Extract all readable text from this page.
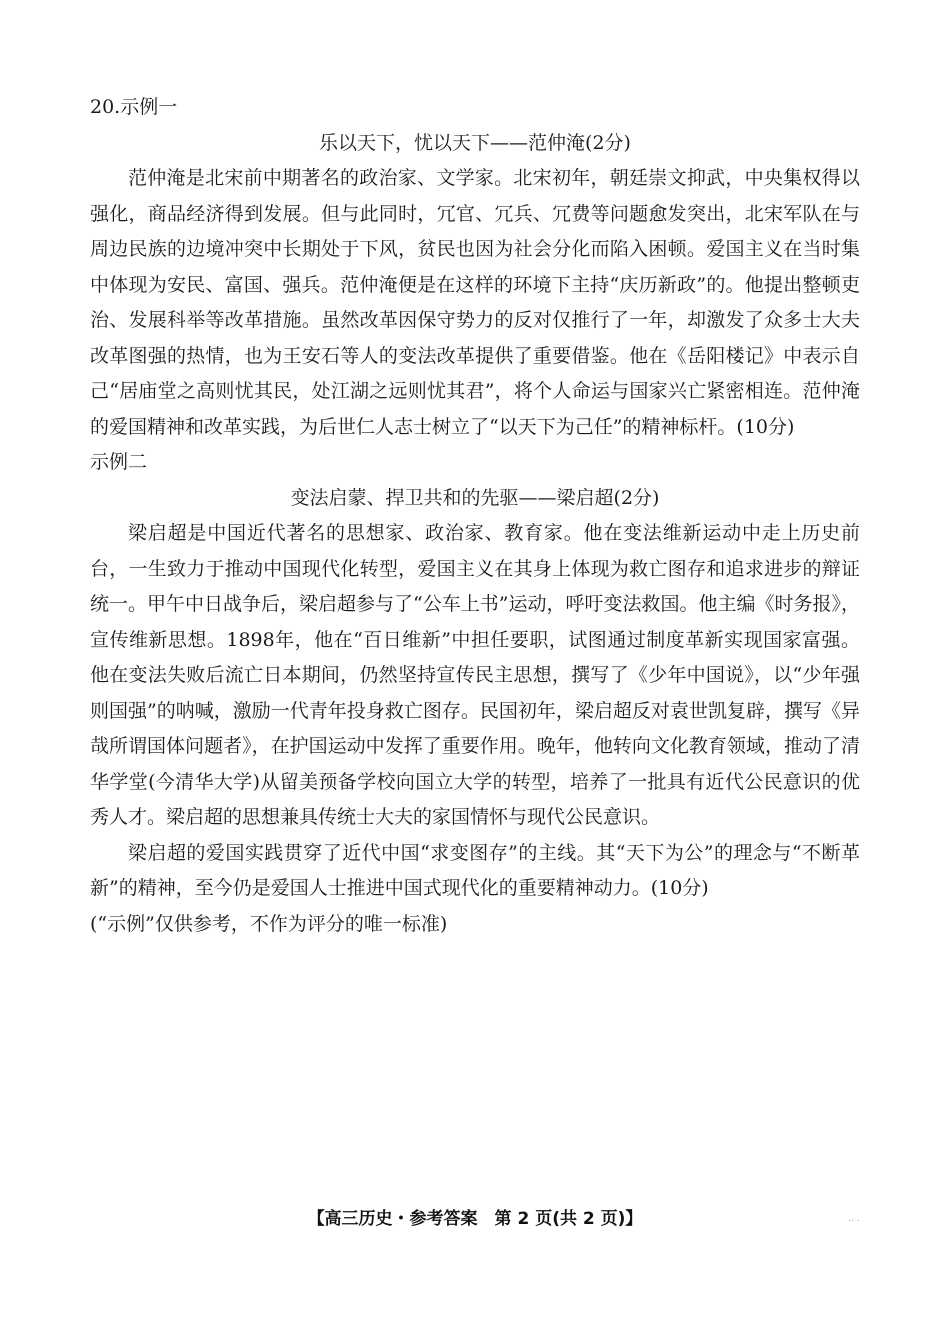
20.示例一

乐以天下，忧以天下——范仲淹(2分)

范仲淹是北宋前中期著名的政治家、文学家。北宋初年，朝廷崇文抑武，中央集权得以强化，商品经济得到发展。但与此同时，冗官、冗兵、冗费等问题愈发突出，北宋军队在与周边民族的边境冲突中长期处于下风，贫民也因为社会分化而陷入困顿。爱国主义在当时集中体现为安民、富国、强兵。范仲淹便是在这样的环境下主持“庆历新政”的。他提出整顿吏治、发展科举等改革措施。虽然改革因保守势力的反对仅推行了一年，却激发了众多士大夫改革图强的热情，也为王安石等人的变法改革提供了重要借鉴。他在《岳阳楼记》中表示自己“居庙堂之高则忧其民，处江湖之远则忧其君”，将个人命运与国家兴亡紧密相连。范仲淹的爱国精神和改革实践，为后世仁人志士树立了“以天下为己任”的精神标杆。(10分)

示例二

变法启蒙、捍卫共和的先驱——梁启超(2分)

梁启超是中国近代著名的思想家、政治家、教育家。他在变法维新运动中走上历史前台，一生致力于推动中国现代化转型，爱国主义在其身上体现为救亡图存和追求进步的辩证统一。甲午中日战争后，梁启超参与了“公车上书”运动，呼吁变法救国。他主编《时务报》，宣传维新思想。1898年，他在“百日维新”中担任要职，试图通过制度革新实现国家富强。他在变法失败后流亡日本期间，仍然坚持宣传民主思想，撰写了《少年中国说》，以“少年强则国强”的呐喊，激励一代青年投身救亡图存。民国初年，梁启超反对袁世凯复辟，撰写《异哉所谓国体问题者》，在护国运动中发挥了重要作用。晚年，他转向文化教育领域，推动了清华学堂(今清华大学)从留美预备学校向国立大学的转型，培养了一批具有近代公民意识的优秀人才。梁启超的思想兼具传统士大夫的家国情怀与现代公民意识。

梁启超的爱国实践贯穿了近代中国“求变图存”的主线。其“天下为公”的理念与“不断革新”的精神，至今仍是爱国人士推进中国式现代化的重要精神动力。(10分)

(“示例”仅供参考，不作为评分的唯一标准)

【高三历史・参考答案　第 2 页(共 2 页)】	.. .
